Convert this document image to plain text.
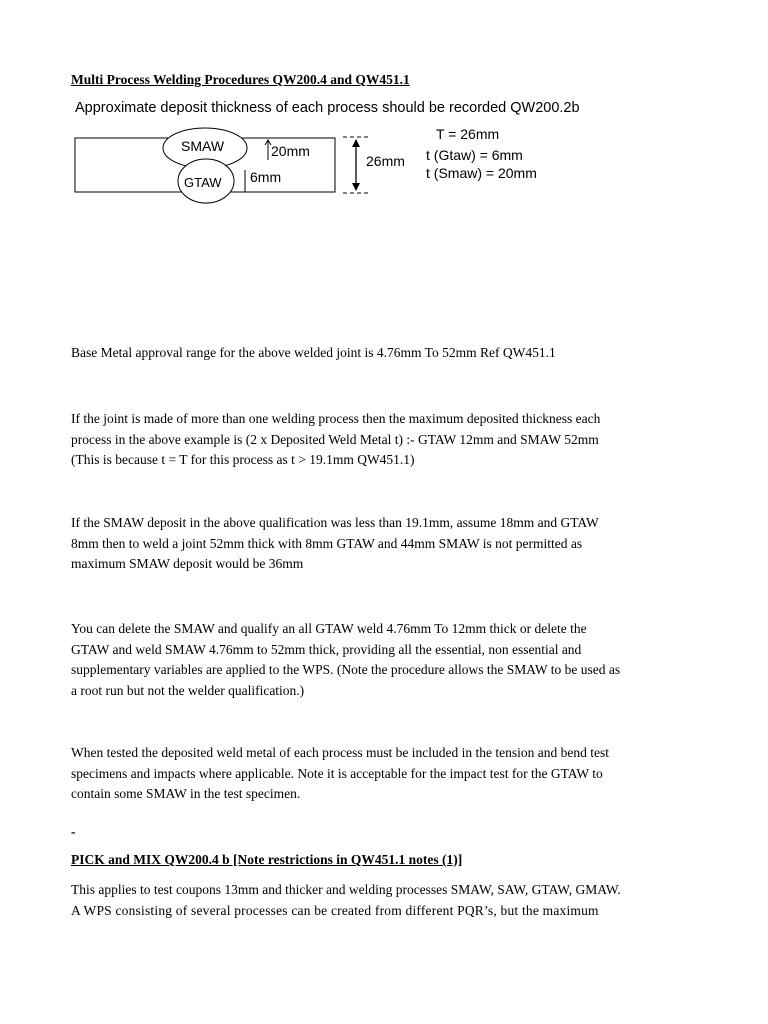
Multi Process Welding Procedures QW200.4 and QW451.1
Approximate deposit thickness of each process should be recorded QW200.2b
SMAW
GTAW
20mm
6mm
26mm
T = 26mm
t (Gtaw) = 6mm
t (Smaw) = 20mm

Base Metal approval range for the above welded joint is 4.76mm To 52mm Ref QW451.1

If the joint is made of more than one welding process then the maximum deposited thickness each
process in the above example is (2 x Deposited Weld Metal t) :- GTAW 12mm and SMAW 52mm
(This is because t = T for this process as t > 19.1mm QW451.1)

If the SMAW deposit in the above qualification was less than 19.1mm, assume 18mm and GTAW
8mm then to weld a joint 52mm thick with 8mm GTAW and 44mm SMAW is not permitted as
maximum SMAW deposit would be 36mm

You can delete the SMAW and qualify an all GTAW weld 4.76mm To 12mm thick or delete the
GTAW and weld SMAW 4.76mm to 52mm thick, providing all the essential, non essential and
supplementary variables are applied to the WPS. (Note the procedure allows the SMAW to be used as
a root run but not the welder qualification.)

When tested the deposited weld metal of each process must be included in the tension and bend test
specimens and impacts where applicable. Note it is acceptable for the impact test for the GTAW to
contain some SMAW in the test specimen.

-
PICK and MIX QW200.4 b [Note restrictions in QW451.1 notes (1)]

This applies to test coupons 13mm and thicker and welding processes SMAW, SAW, GTAW, GMAW.
A WPS consisting of several processes can be created from different PQR’s, but the maximum
